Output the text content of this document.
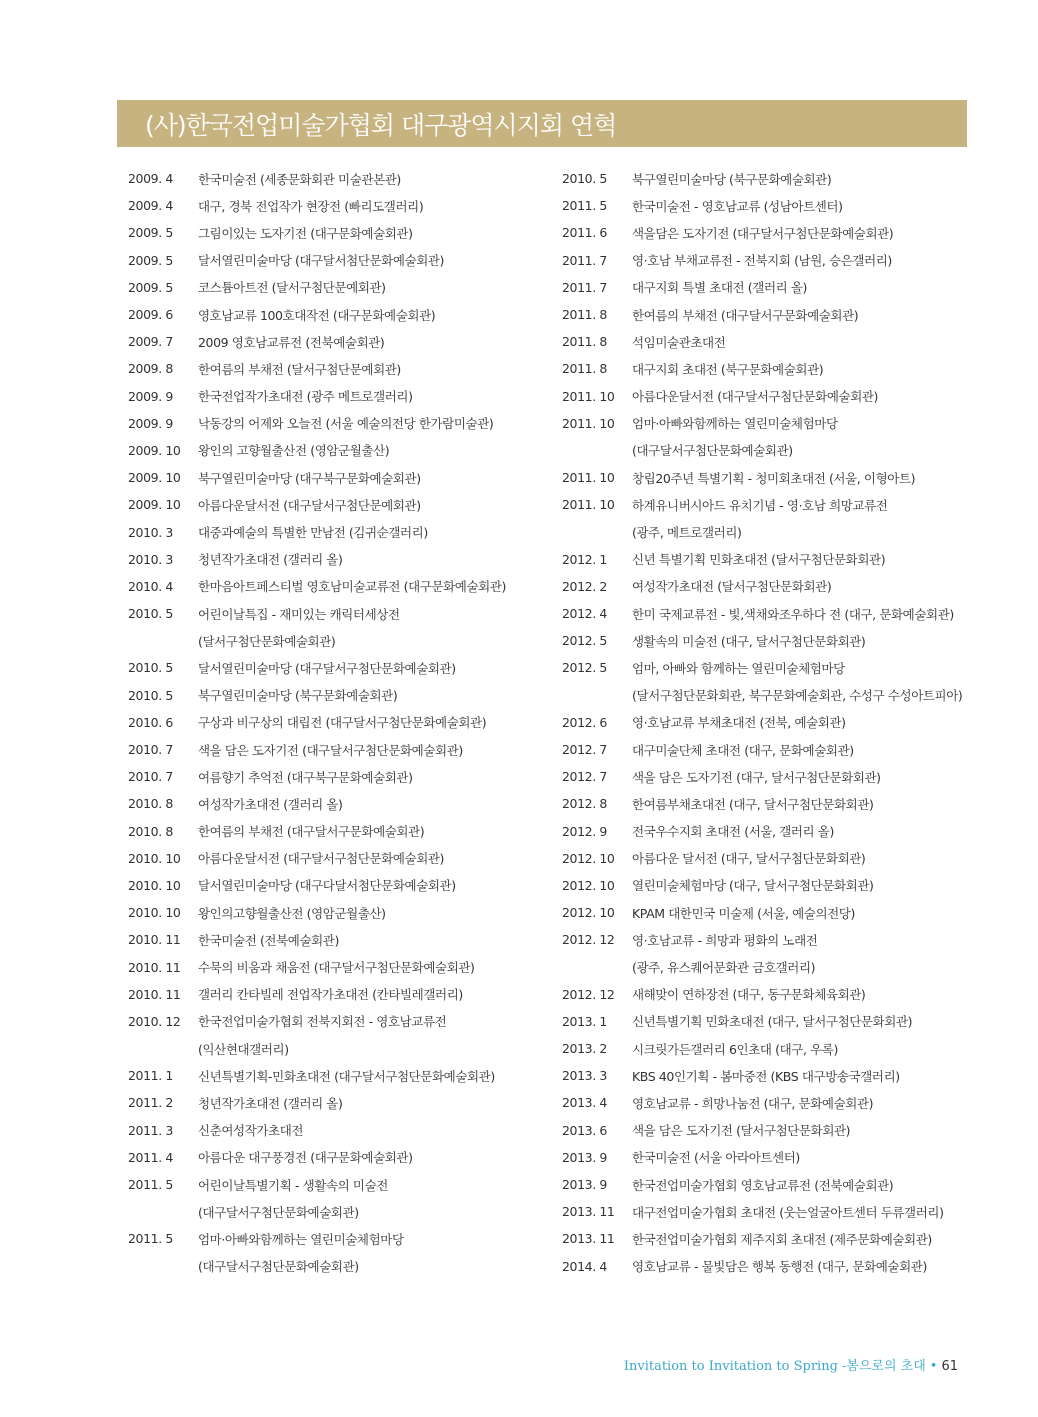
(사)한국전업미술가협회 대구광역시지회 연혁
2009. 4	한국미술전 (세종문화회관 미술관본관)
2009. 4	대구, 경북 전업작가 현장전 (빠리도갤러리)
2009. 5	그림이있는 도자기전 (대구문화예술회관)
2009. 5	달서열린미술마당 (대구달서첨단문화예술회관)
2009. 5	코스튬아트전 (달서구첨단문예회관)
2009. 6	영호남교류 100호대작전 (대구문화예술회관)
2009. 7	2009 영호남교류전 (전북예술회관)
2009. 8	한여름의 부채전 (달서구첨단문예회관)
2009. 9	한국전업작가초대전 (광주 메트로갤러리)
2009. 9	낙동강의 어제와 오늘전 (서울 예술의전당 한가람미술관)
2009. 10	왕인의 고향월출산전 (영암군월출산)
2009. 10	북구열린미술마당 (대구북구문화예술회관)
2009. 10	아름다운달서전 (대구달서구첨단문예회관)
2010. 3	대중과예술의 특별한 만남전 (김귀순갤러리)
2010. 3	청년작가초대전 (갤러리 올)
2010. 4	한마음아트페스티벌 영호남미술교류전 (대구문화예술회관)
2010. 5	어린이날특집 - 재미있는 캐릭터세상전
(달서구첨단문화예술회관)
2010. 5	달서열린미술마당 (대구달서구첨단문화예술회관)
2010. 5	북구열린미술마당 (북구문화예술회관)
2010. 6	구상과 비구상의 대립전 (대구달서구첨단문화예술회관)
2010. 7	색을 담은 도자기전 (대구달서구첨단문화예술회관)
2010. 7	여름향기 추억전 (대구북구문화예술회관)
2010. 8	여성작가초대전 (갤러리 올)
2010. 8	한여름의 부채전 (대구달서구문화예술회관)
2010. 10	아름다운달서전 (대구달서구첨단문화예술회관)
2010. 10	달서열린미술마당 (대구다달서첨단문화예술회관)
2010. 10	왕인의고향월출산전 (영암군월출산)
2010. 11	한국미술전 (전북예술회관)
2010. 11	수묵의 비움과 채움전 (대구달서구첨단문화예술회관)
2010. 11	갤러리 칸타빌레 전업작가초대전 (칸타빌레갤러리)
2010. 12	한국전업미술가협회 전북지회전 - 영호남교류전
(익산현대갤러리)
2011. 1	신년특별기획-민화초대전 (대구달서구첨단문화예술회관)
2011. 2	청년작가초대전 (갤러리 올)
2011. 3	신춘여성작가초대전
2011. 4	아름다운 대구풍경전 (대구문화예술회관)
2011. 5	어린이날특별기획 - 생활속의 미술전
(대구달서구첨단문화예술회관)
2011. 5	엄마·아빠와함께하는 열린미술체험마당
(대구달서구첨단문화예술회관)
2010. 5	북구열린미술마당 (북구문화예술회관)
2011. 5	한국미술전 - 영호남교류 (성남아트센터)
2011. 6	색을담은 도자기전 (대구달서구첨단문화예술회관)
2011. 7	영·호남 부채교류전 - 전북지회 (남원, 승은갤러리)
2011. 7	대구지회 특별 초대전 (갤러리 올)
2011. 8	한여름의 부채전 (대구달서구문화예술회관)
2011. 8	석임미술관초대전
2011. 8	대구지회 초대전 (북구문화예술회관)
2011. 10	아름다운달서전 (대구달서구첨단문화예술회관)
2011. 10	엄마·아빠와함께하는 열린미술체험마당
(대구달서구첨단문화예술회관)
2011. 10	창립20주년 특별기획 - 청미회초대전 (서울, 이형아트)
2011. 10	하계유니버시아드 유치기념 - 영·호남 희망교류전
(광주, 메트로갤러리)
2012. 1	신년 특별기획 민화초대전 (달서구첨단문화회관)
2012. 2	여성작가초대전 (달서구첨단문화회관)
2012. 4	한미 국제교류전 - 빛,색채와조우하다 전 (대구, 문화예술회관)
2012. 5	생활속의 미술전 (대구, 달서구첨단문화회관)
2012. 5	엄마, 아빠와 함께하는 열린미술체험마당
(달서구첨단문화회관, 북구문화예술회관, 수성구 수성아트피아)
2012. 6	영·호남교류 부채초대전 (전북, 예술회관)
2012. 7	대구미술단체 초대전 (대구, 문화예술회관)
2012. 7	색을 담은 도자기전 (대구, 달서구첨단문화회관)
2012. 8	한여름부채초대전 (대구, 달서구첨단문화회관)
2012. 9	전국우수지회 초대전 (서울, 갤러리 올)
2012. 10	아름다운 달서전 (대구, 달서구첨단문화회관)
2012. 10	열린미술체험마당 (대구, 달서구첨단문화회관)
2012. 10	KPAM 대한민국 미술제 (서울, 예술의전당)
2012. 12	영·호남교류 - 희망과 평화의 노래전
(광주, 유스퀘어문화관 금호갤러리)
2012. 12	새해맞이 연하장전 (대구, 동구문화체육회관)
2013. 1	신년특별기획 민화초대전 (대구, 달서구첨단문화회관)
2013. 2	시크릿가든갤러리 6인초대 (대구, 우록)
2013. 3	KBS 40인기획 - 봄마중전 (KBS 대구방송국갤러리)
2013. 4	영호남교류 - 희망나눔전 (대구, 문화예술회관)
2013. 6	색을 담은 도자기전 (달서구첨단문화회관)
2013. 9	한국미술전 (서울 아라아트센터)
2013. 9	한국전업미술가협회 영호남교류전 (전북예술회관)
2013. 11	대구전업미술가협회 초대전 (웃는얼굴아트센터 두류갤러리)
2013. 11	한국전업미술가협회 제주지회 초대전 (제주문화예술회관)
2014. 4	영호남교류 - 물빛담은 행복 동행전 (대구, 문화예술회관)
Invitation to Invitation to Spring -봄으로의 초대 • 61
